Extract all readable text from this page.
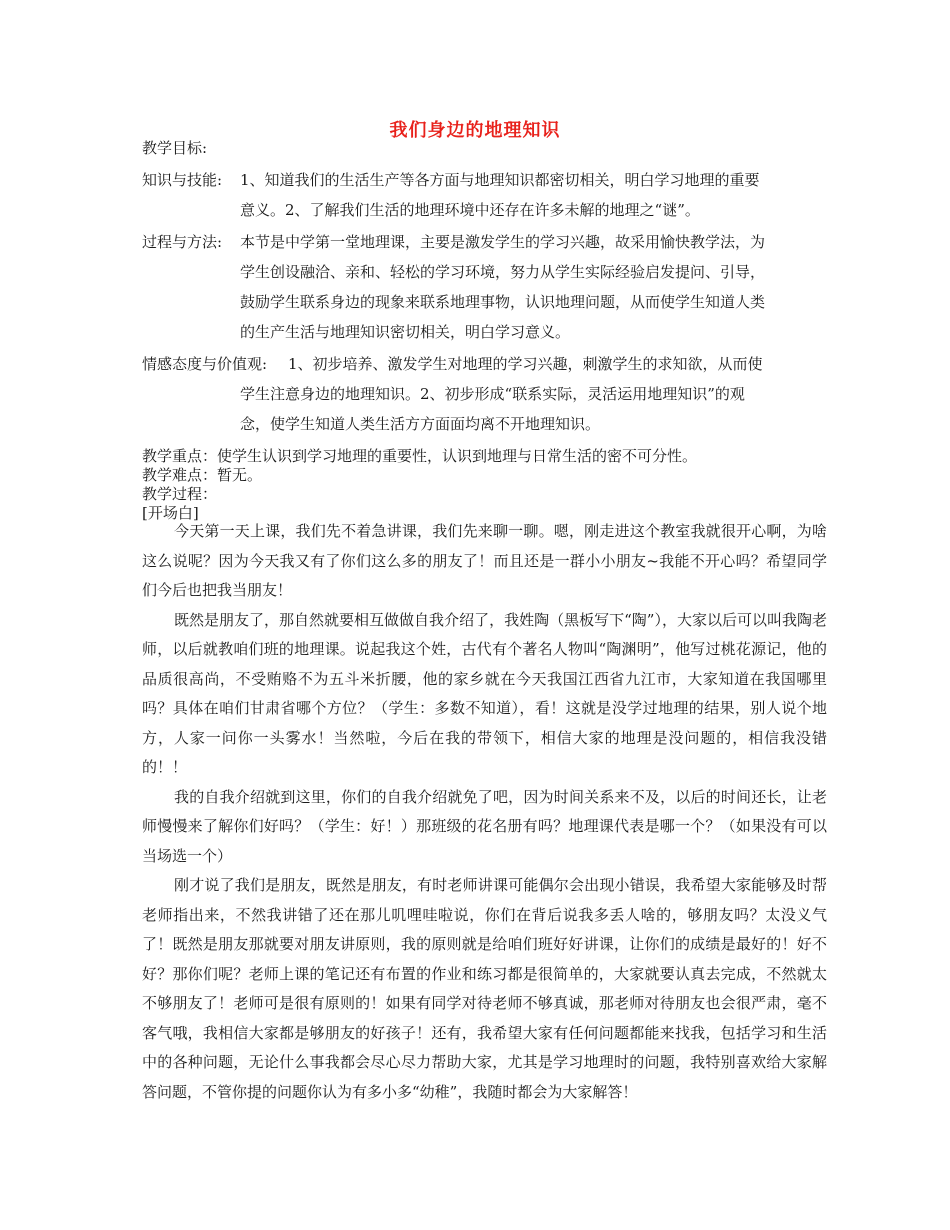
我们身边的地理知识
教学目标:
知识与技能: 1、知道我们的生活生产等各方面与地理知识都密切相关，明白学习地理的重要
意义。2、了解我们生活的地理环境中还存在许多未解的地理之“谜”。
过程与方法: 本节是中学第一堂地理课，主要是激发学生的学习兴趣，故采用愉快教学法，为
学生创设融洽、亲和、轻松的学习环境，努力从学生实际经验启发提问、引导，
鼓励学生联系身边的现象来联系地理事物，认识地理问题，从而使学生知道人类
的生产生活与地理知识密切相关，明白学习意义。
情感态度与价值观: 1、初步培养、激发学生对地理的学习兴趣，刺激学生的求知欲，从而使
学生注意身边的地理知识。2、初步形成“联系实际，灵活运用地理知识”的观
念，使学生知道人类生活方方面面均离不开地理知识。
教学重点：使学生认识到学习地理的重要性，认识到地理与日常生活的密不可分性。
教学难点：暂无。
教学过程：
[开场白]

今天第一天上课，我们先不着急讲课，我们先来聊一聊。嗯，刚走进这个教室我就很开心啊，为啥这么说呢？因为今天我又有了你们这么多的朋友了！而且还是一群小小朋友~我能不开心吗？希望同学们今后也把我当朋友！

既然是朋友了，那自然就要相互做做自我介绍了，我姓陶（黑板写下“陶”），大家以后可以叫我陶老师，以后就教咱们班的地理课。说起我这个姓，古代有个著名人物叫“陶渊明”，他写过桃花源记，他的品质很高尚，不受贿赂不为五斗米折腰，他的家乡就在今天我国江西省九江市，大家知道在我国哪里吗？具体在咱们甘肃省哪个方位？（学生：多数不知道），看！这就是没学过地理的结果，别人说个地方，人家一问你一头雾水！当然啦，今后在我的带领下，相信大家的地理是没问题的，相信我没错的！！

我的自我介绍就到这里，你们的自我介绍就免了吧，因为时间关系来不及，以后的时间还长，让老师慢慢来了解你们好吗？（学生：好！）那班级的花名册有吗？地理课代表是哪一个？（如果没有可以当场选一个）

刚才说了我们是朋友，既然是朋友，有时老师讲课可能偶尔会出现小错误，我希望大家能够及时帮老师指出来，不然我讲错了还在那儿叽哩哇啦说，你们在背后说我多丢人啥的，够朋友吗？太没义气了！既然是朋友那就要对朋友讲原则，我的原则就是给咱们班好好讲课，让你们的成绩是最好的！好不好？那你们呢？老师上课的笔记还有布置的作业和练习都是很简单的，大家就要认真去完成，不然就太不够朋友了！老师可是很有原则的！如果有同学对待老师不够真诚，那老师对待朋友也会很严肃，毫不客气哦，我相信大家都是够朋友的好孩子！还有，我希望大家有任何问题都能来找我，包括学习和生活中的各种问题，无论什么事我都会尽心尽力帮助大家，尤其是学习地理时的问题，我特别喜欢给大家解答问题，不管你提的问题你认为有多小多“幼稚”，我随时都会为大家解答！
